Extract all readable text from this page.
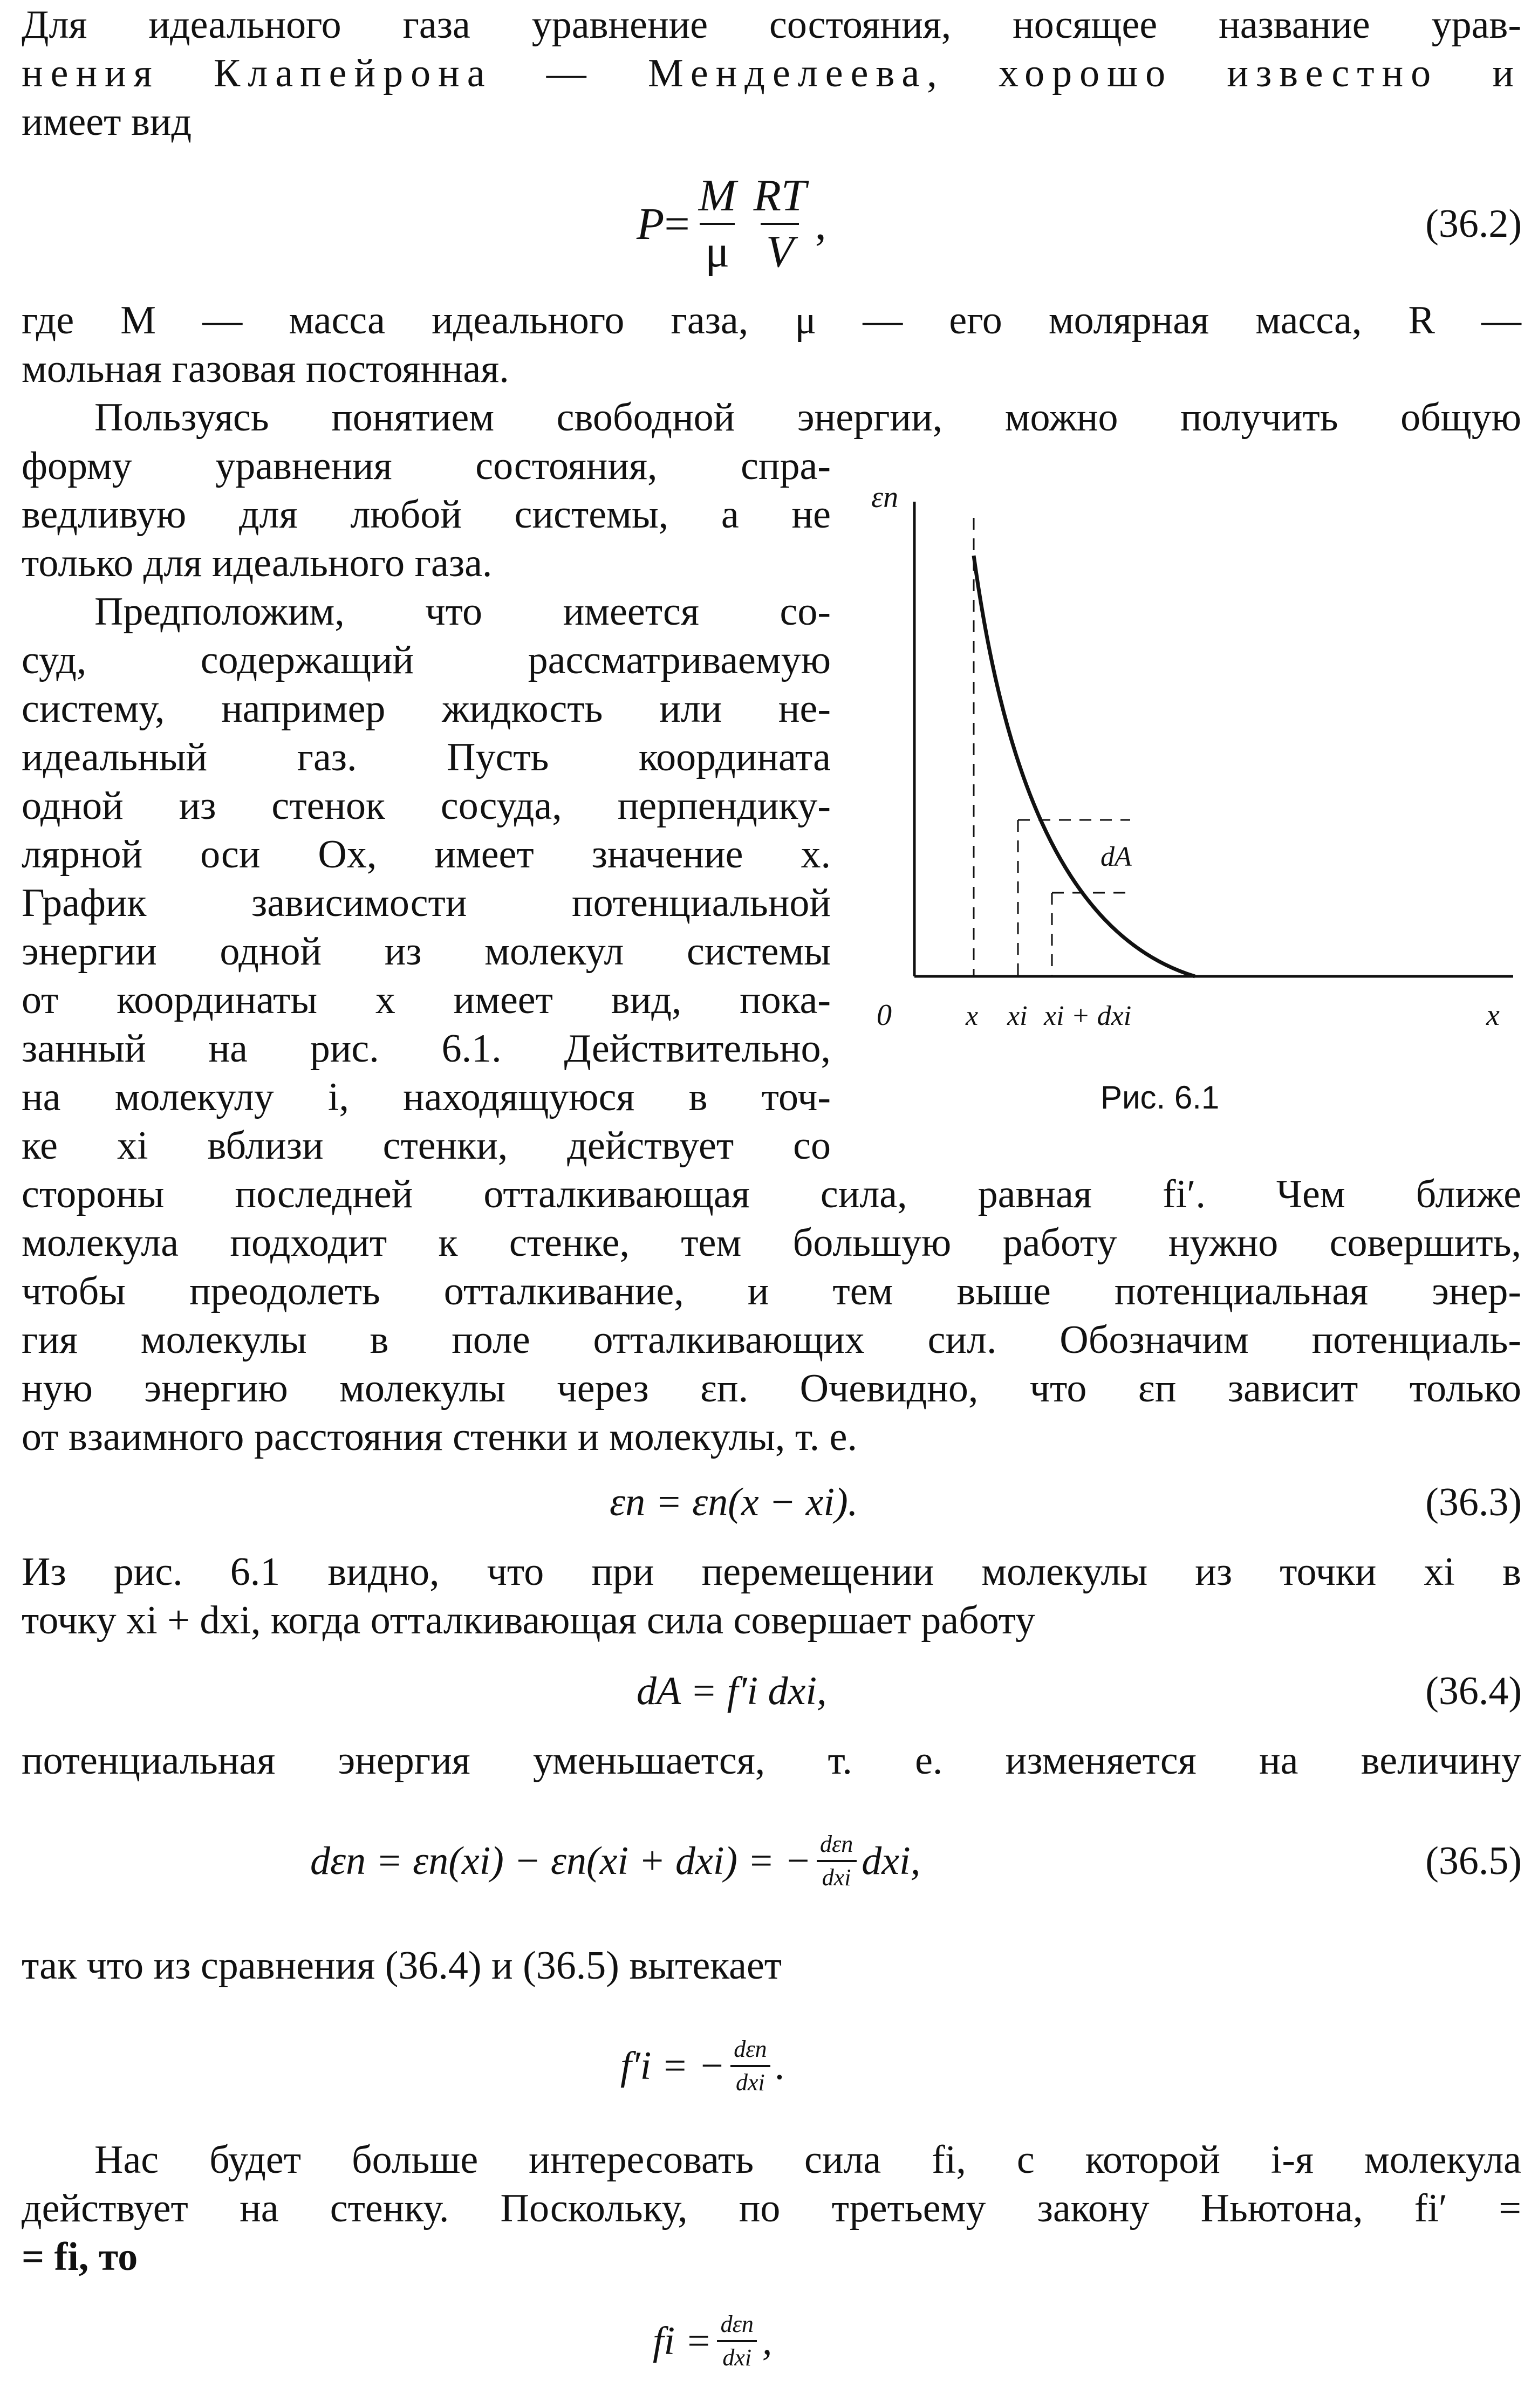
Для идеального газа уравнение состояния, носящее название урав-
нения Клапейрона — Менделеева, хорошо известно и
имеет вид
$P = \frac{M}{\mu} \frac{RT}{V}$ ,	(36.2)
где M — масса идеального газа, μ — его молярная масса, R —
мольная газовая постоянная.
Пользуясь понятием свободной энергии, можно получить общую
форму уравнения состояния, спра-
ведливую для любой системы, а не
только для идеального газа.
Предположим, что имеется со-
суд, содержащий рассматриваемую
систему, например жидкость или не-
идеальный газ. Пусть координата
одной из стенок сосуда, перпендику-
лярной оси Ox, имеет значение x.
График зависимости потенциальной
энергии одной из молекул системы
от координаты x имеет вид, пока-
занный на рис. 6.1. Действительно,
на молекулу i, находящуюся в точ-
ке xi вблизи стенки, действует со
стороны последней отталкивающая сила, равная fi′. Чем ближе
молекула подходит к стенке, тем большую работу нужно совершить,
чтобы преодолеть отталкивание, и тем выше потенциальная энер-
гия молекулы в поле отталкивающих сил. Обозначим потенциаль-
ную энергию молекулы через εп. Очевидно, что εп зависит только
от взаимного расстояния стенки и молекулы, т. е.
εп = εп(x − xi).	(36.3)
Из рис. 6.1 видно, что при перемещении молекулы из точки xi в
точку xi + dxi, когда отталкивающая сила совершает работу
dA = f′i dxi,	(36.4)
потенциальная энергия уменьшается, т. е. изменяется на величину
dεп = εп(xi) − εп(xi + dxi) = − $\frac{\text{dεп}}{\text{dxi}}$ dxi,	(36.5)
так что из сравнения (36.4) и (36.5) вытекает
f′i = − $\frac{\text{dεп}}{\text{dxi}}$ .
Нас будет больше интересовать сила fi, с которой i-я молекула
действует на стенку. Поскольку, по третьему закону Ньютона, fi′ =
= fi, то
fi = $\frac{\text{dεп}}{\text{dxi}}$ ,
εп
0	x xi xi + dxi	x
dA
Рис. 6.1
